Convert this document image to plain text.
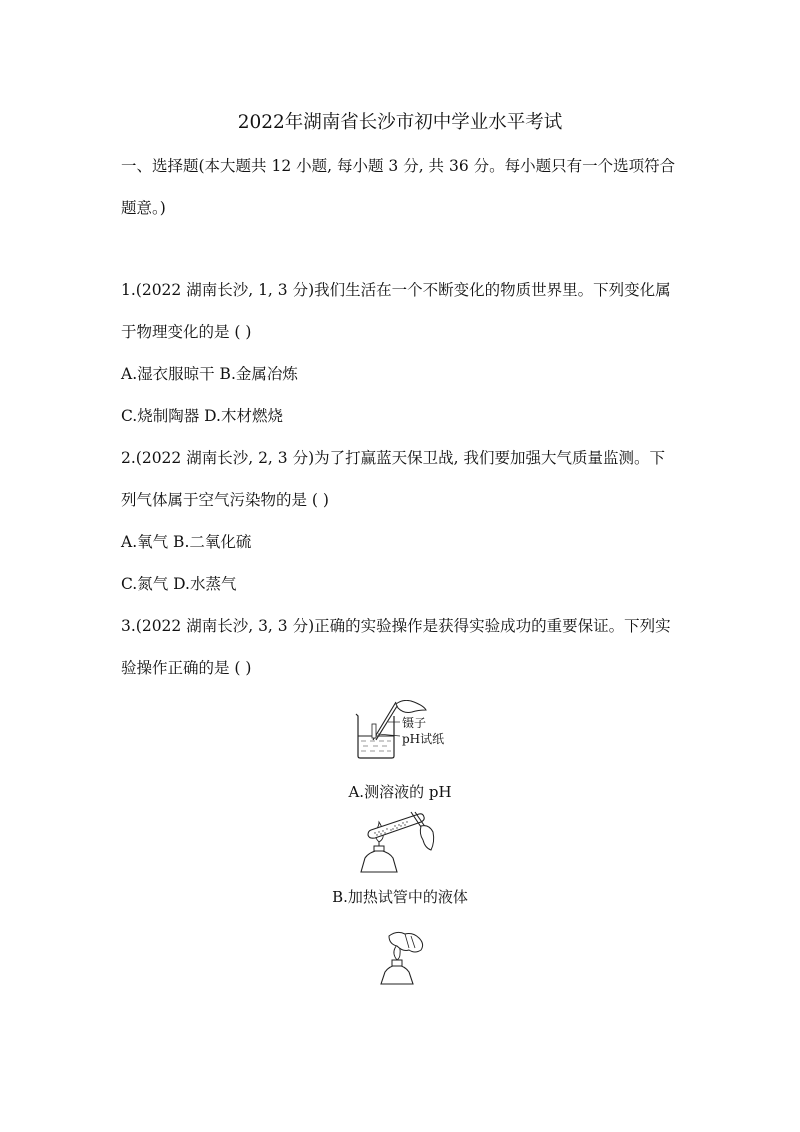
2022年湖南省长沙市初中学业水平考试
一、选择题(本大题共 12 小题, 每小题 3 分, 共 36 分。每小题只有一个选项符合
题意。)
1.(2022 湖南长沙, 1, 3 分)我们生活在一个不断变化的物质世界里。下列变化属
于物理变化的是 ( )
A.湿衣服晾干 B.金属冶炼
C.烧制陶器 D.木材燃烧
2.(2022 湖南长沙, 2, 3 分)为了打赢蓝天保卫战, 我们要加强大气质量监测。下
列气体属于空气污染物的是 ( )
A.氧气 B.二氧化硫
C.氮气 D.水蒸气
3.(2022 湖南长沙, 3, 3 分)正确的实验操作是获得实验成功的重要保证。下列实
验操作正确的是 ( )
镊子
pH试纸
A.测溶液的 pH
B.加热试管中的液体
